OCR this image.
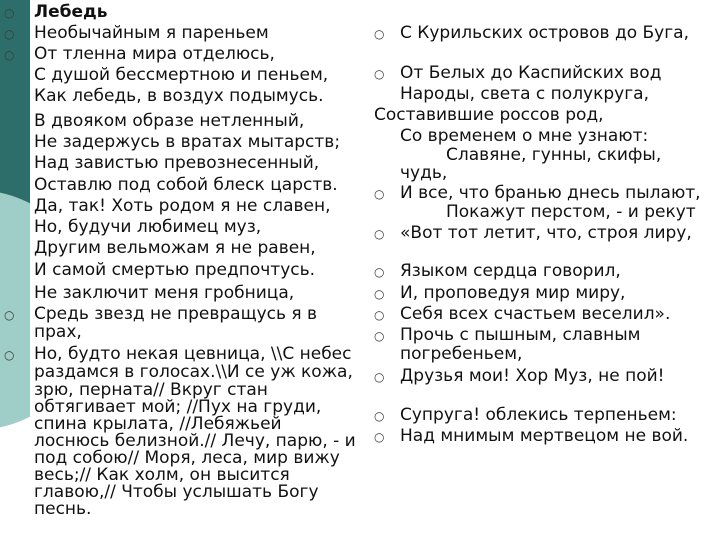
○ Лебедь
○ Необычайным я пареньем
○ От тленна мира отделюсь,
С душой бессмертною и пеньем,
Как лебедь, в воздух подымусь.
В двояком образе нетленный,
Не задержусь в вратах мытарств;
Над завистью превознесенный,
Оставлю под собой блеск царств.
Да, так! Хоть родом я не славен,
Но, будучи любимец муз,
Другим вельможам я не равен,
И самой смертью предпочтусь.
Не заключит меня гробница,
○ Средь звезд не превращусь я в
прах,
○ Но, будто некая цевница, \\С небес
раздамся в голосах.\\И се уж кожа,
зрю, перната// Вкруг стан
обтягивает мой; //Пух на груди,
спина крылата, //Лебяжьей
лоснюсь белизной.// Лечу, парю, - и
под собою// Моря, леса, мир вижу
весь;// Как холм, он высится
главою,// Чтобы услышать Богу
песнь.
○ С Курильских островов до Буга,
○ От Белых до Каспийских вод
Народы, света с полукруга,
Составившие россов род,
Со временем о мне узнают:
Славяне, гунны, скифы,
чудь,
○ И все, что бранью днесь пылают,
Покажут перстом, - и рекут
○ «Вот тот летит, что, строя лиру,
○ Языком сердца говорил,
○ И, проповедуя мир миру,
○ Себя всех счастьем веселил».
○ Прочь с пышным, славным
погребеньем,
○ Друзья мои! Хор Муз, не пой!
○ Супруга! облекись терпеньем:
○ Над мнимым мертвецом не вой.
